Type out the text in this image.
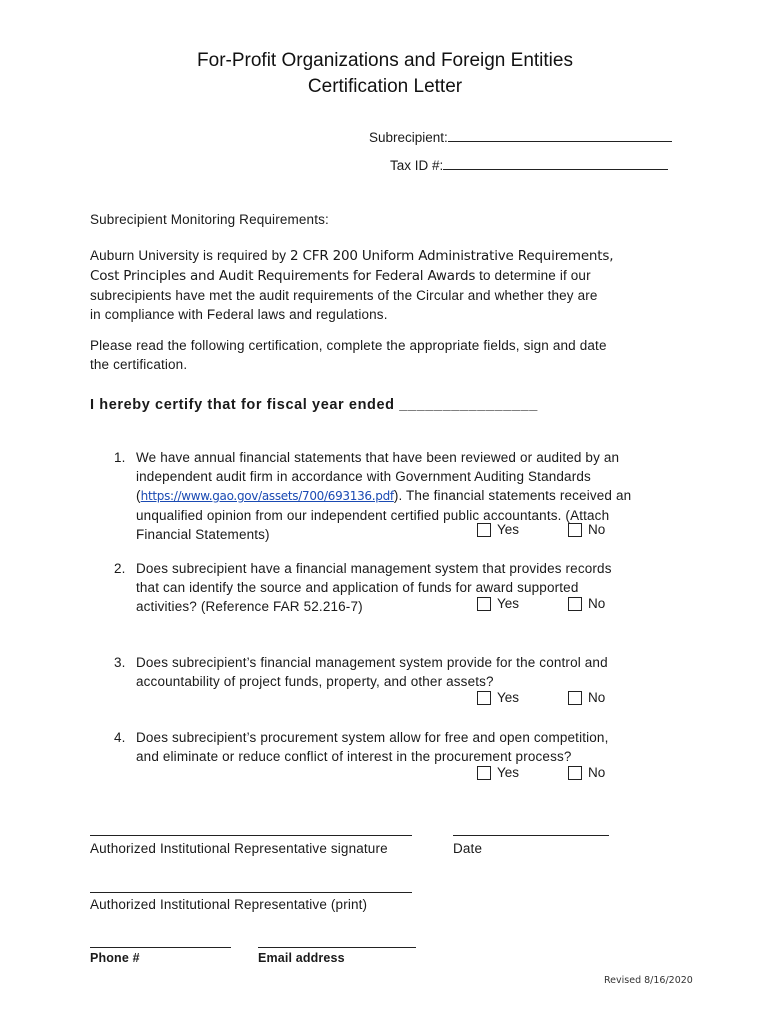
For-Profit Organizations and Foreign Entities
Certification Letter
Subrecipient:
Tax ID #:
Subrecipient Monitoring Requirements:
Auburn University is required by 2 CFR 200 Uniform Administrative Requirements,
Cost Principles and Audit Requirements for Federal Awards to determine if our
subrecipients have met the audit requirements of the Circular and whether they are
in compliance with Federal laws and regulations.
Please read the following certification, complete the appropriate fields, sign and date
the certification.
I hereby certify that for fiscal year ended ________________
1. We have annual financial statements that have been reviewed or audited by an
independent audit firm in accordance with Government Auditing Standards
(https://www.gao.gov/assets/700/693136.pdf). The financial statements received an
unqualified opinion from our independent certified public accountants. (Attach
Financial Statements)	Yes	No
2. Does subrecipient have a financial management system that provides records
that can identify the source and application of funds for award supported
activities? (Reference FAR 52.216-7)	Yes	No
3. Does subrecipient’s financial management system provide for the control and
accountability of project funds, property, and other assets?
Yes	No
4. Does subrecipient’s procurement system allow for free and open competition,
and eliminate or reduce conflict of interest in the procurement process?
Yes	No
Authorized Institutional Representative signature	Date
Authorized Institutional Representative (print)
Phone #	Email address
Revised 8/16/2020
